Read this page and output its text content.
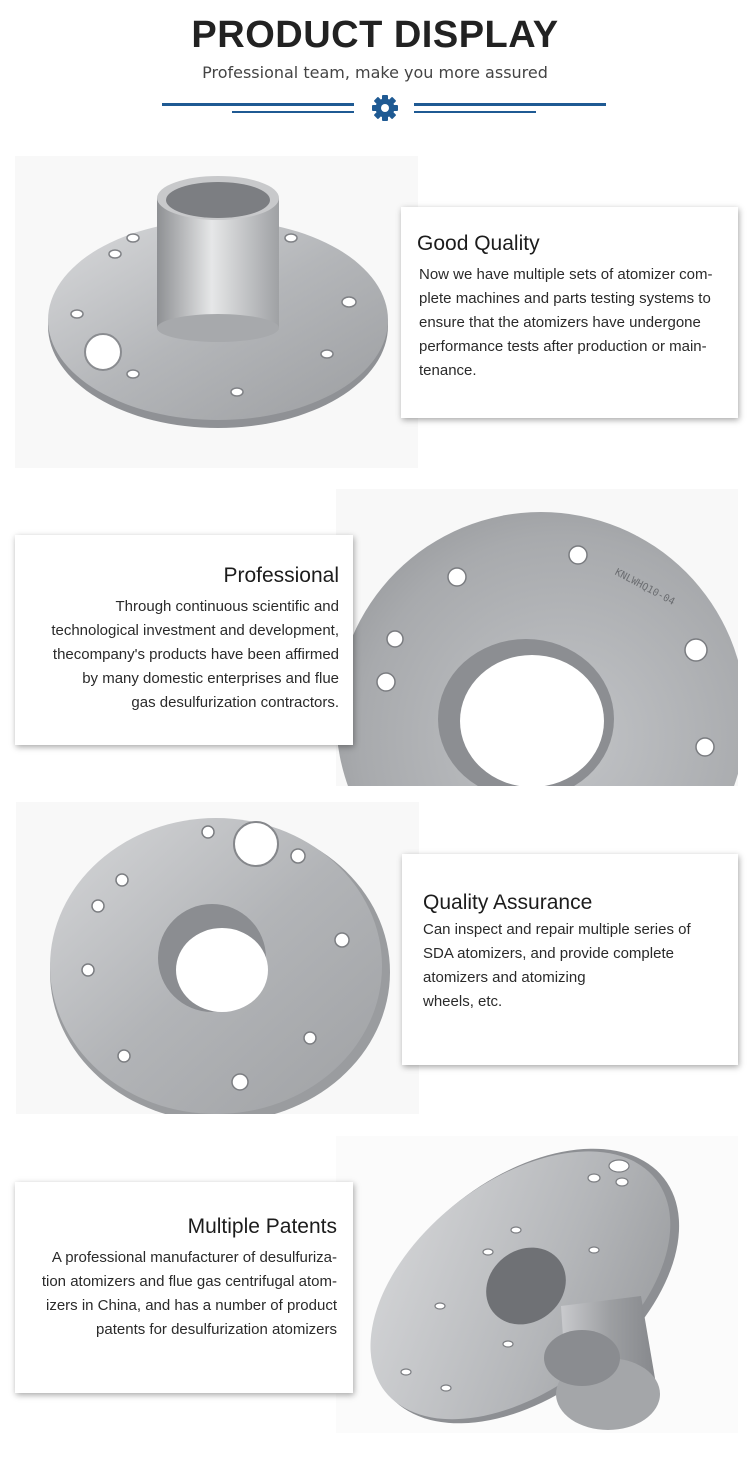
PRODUCT DISPLAY
Professional team, make you more assured
Good Quality

Now we have multiple sets of atomizer com-
plete machines and parts testing systems to
ensure that the atomizers have undergone
performance tests after production or main-
tenance.

Professional

Through continuous scientific and
technological investment and development,
thecompany's products have been affirmed
by many domestic enterprises and flue
gas desulfurization contractors.

KNLWHQ10-04
Quality Assurance

Can inspect and repair multiple series of
SDA atomizers, and provide complete
atomizers and atomizing
wheels, etc.

Multiple Patents

A professional manufacturer of desulfuriza-
tion atomizers and flue gas centrifugal atom-
izers in China, and has a number of product
patents for desulfurization atomizers
